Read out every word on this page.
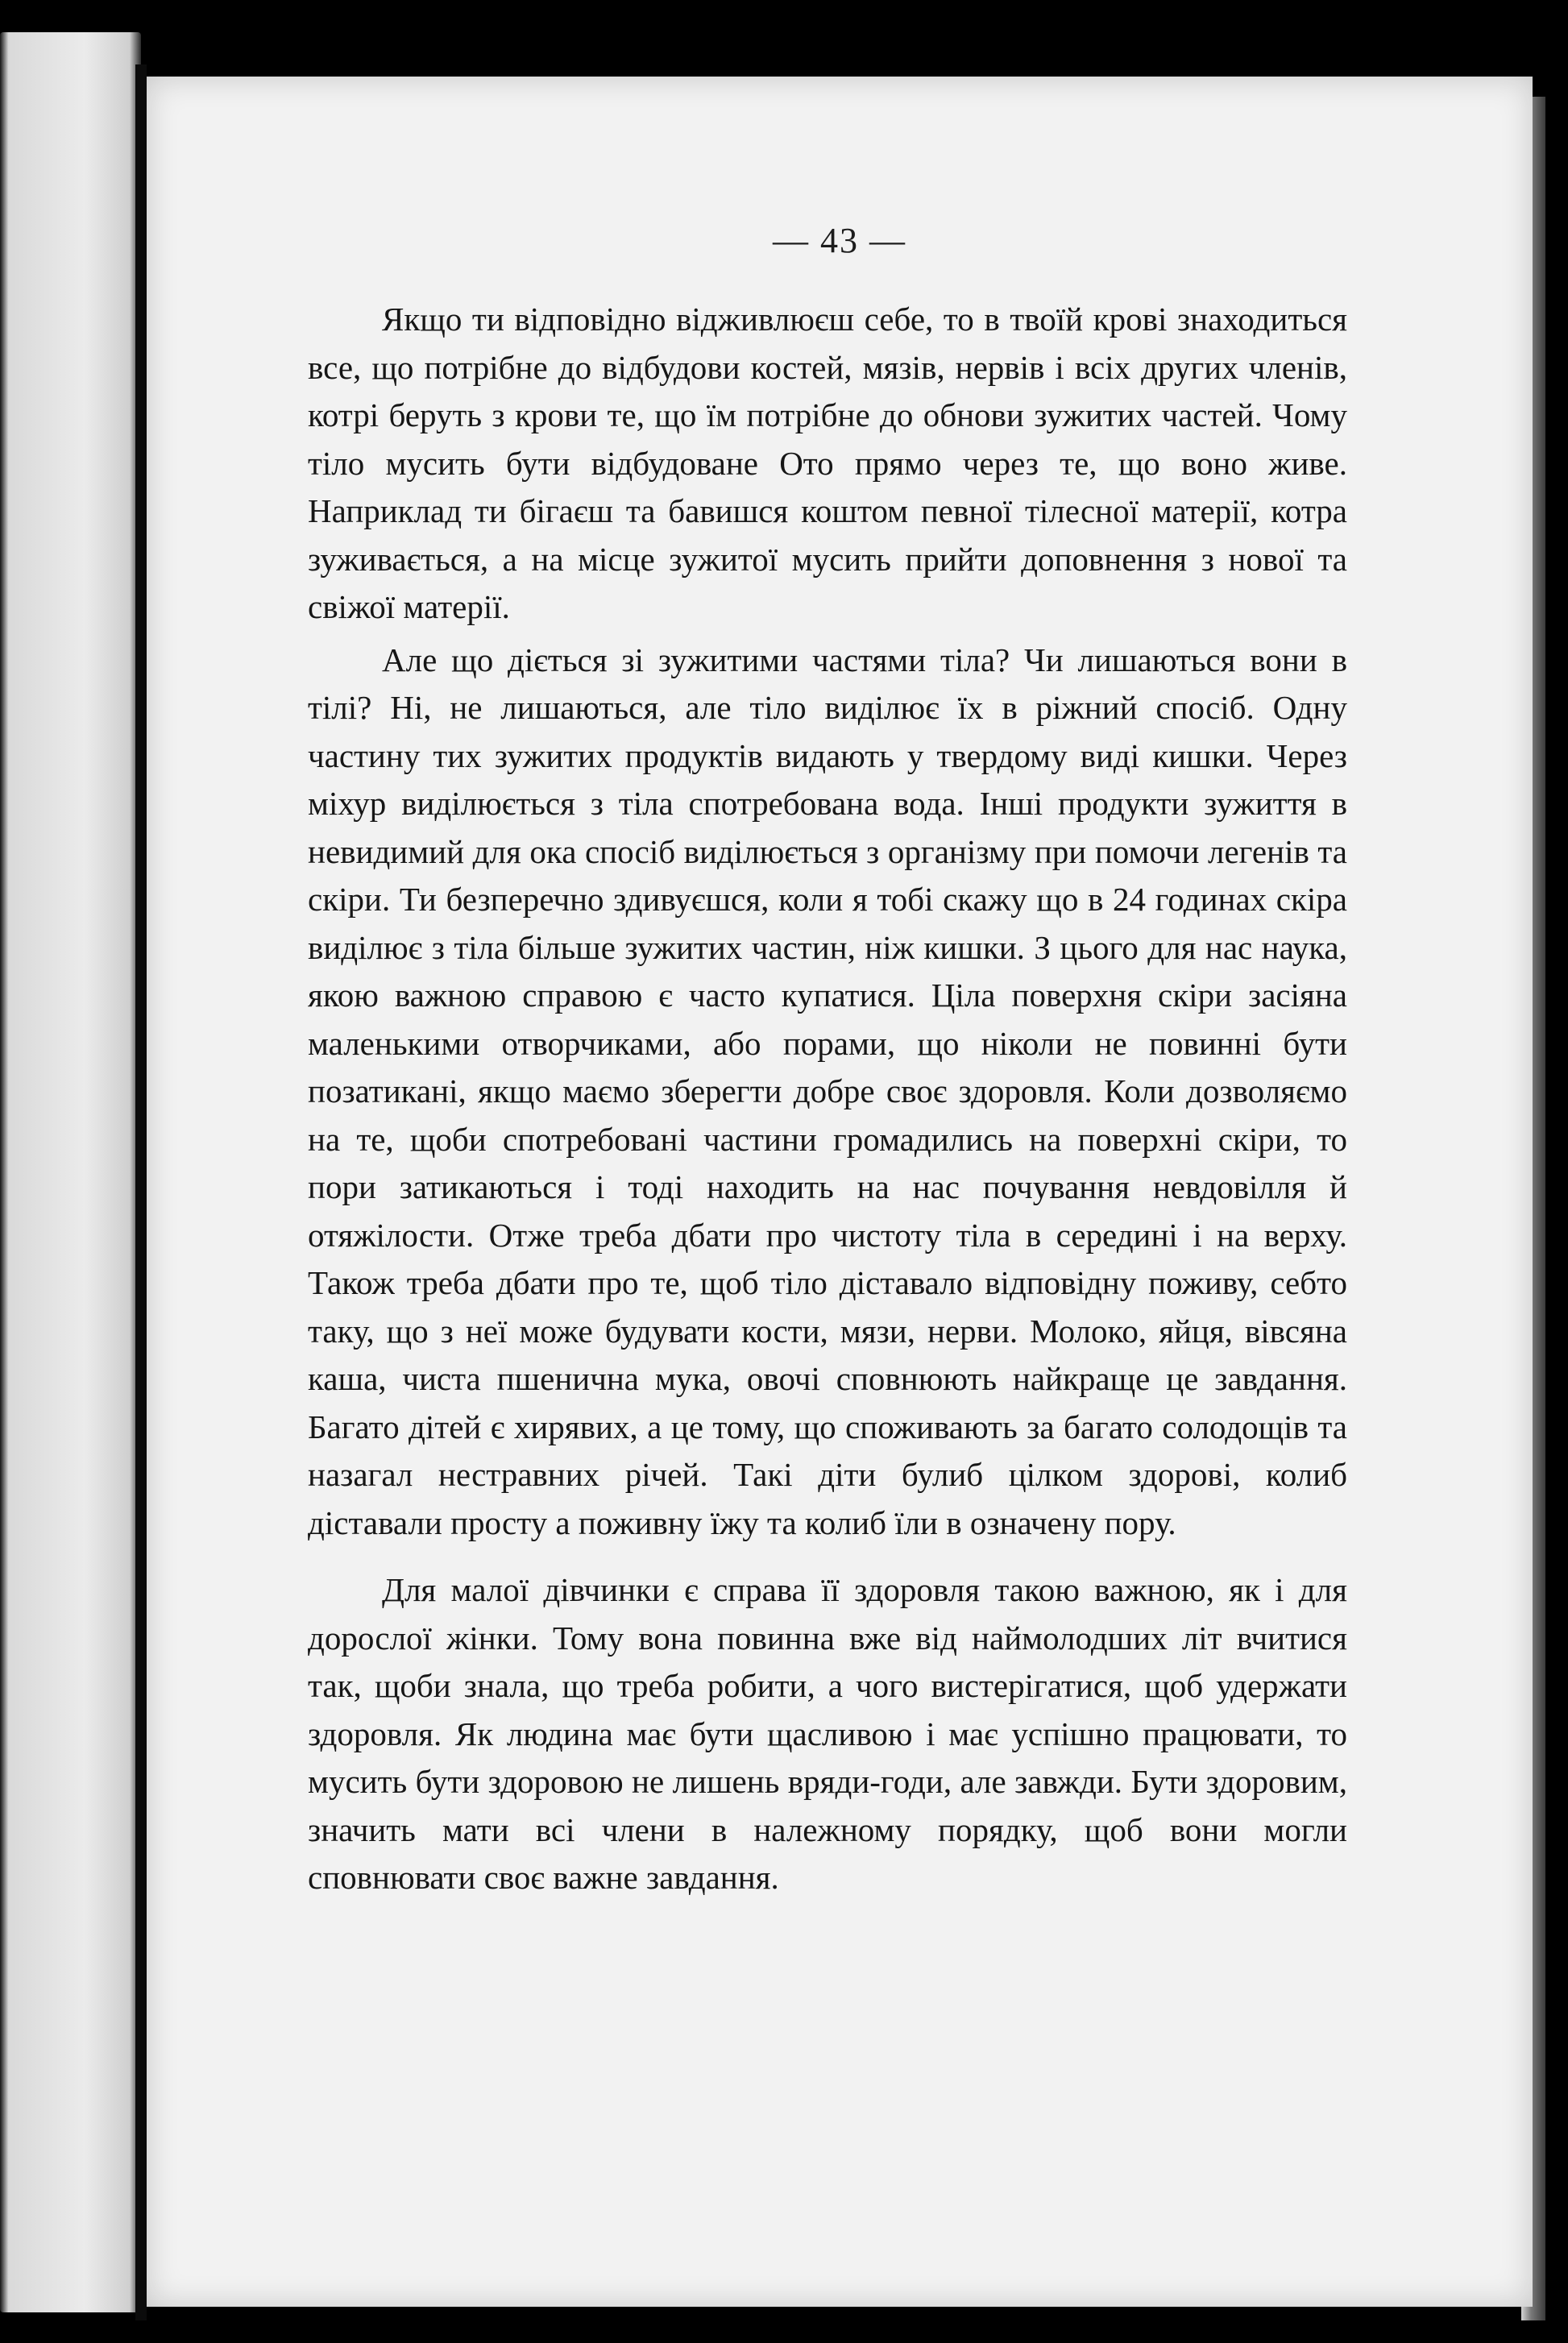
— 43 —

Якщо ти відповідно відживлюєш себе, то в твоїй крові знаходиться все, що потрібне до відбудови костей, мязів, нервів і всіх других членів, котрі беруть з крови те, що їм потрібне до обнови зужитих частей. Чому тіло мусить бути відбудоване Ото прямо через те, що воно живе. Наприклад ти бігаєш та бавишся коштом певної тілесної матерії, котра зуживається, а на місце зужитої мусить прийти доповнення з нової та свіжої матерії.

Але що діється зі зужитими частями тіла? Чи лишаються вони в тілі? Ні, не лишаються, але тіло виділює їх в ріжний спосіб. Одну частину тих зужитих продуктів видають у твердому виді кишки. Через міхур виділюється з тіла спотребована вода. Інші продукти зужиття в невидимий для ока спосіб виділюється з організму при помочи легенів та скіри. Ти безперечно здивуєшся, коли я тобі скажу що в 24 годинах скіра виділює з тіла більше зужитих частин, ніж кишки. З цього для нас наука, якою важною справою є часто купатися. Ціла поверхня скіри засіяна маленькими отворчиками, або порами, що ніколи не повинні бути позатикані, якщо маємо зберегти добре своє здоровля. Коли дозволяємо на те, щоби спотребовані частини громадились на поверхні скіри, то пори затикаються і тоді находить на нас почування невдовілля й отяжілости. Отже треба дбати про чистоту тіла в середині і на верху. Також треба дбати про те, щоб тіло діставало відповідну поживу, себто таку, що з неї може будувати кости, мязи, нерви. Молоко, яйця, вівсяна каша, чиста пшенична мука, овочі сповнюють найкраще це завдання. Багато дітей є хирявих, а це тому, що споживають за багато солодощів та назагал нестравних річей. Такі діти булиб цілком здорові, колиб діставали просту а поживну їжу та колиб їли в означену пору.

Для малої дівчинки є справа її здоровля такою важною, як і для дорослої жінки. Тому вона повинна вже від наймолодших літ вчитися так, щоби знала, що треба робити, а чого вистерігатися, щоб удержати здоровля. Як людина має бути щасливою і має успішно працювати, то мусить бути здоровою не лишень вряди-годи, але завжди. Бути здоровим, значить мати всі члени в належному порядку, щоб вони могли сповнювати своє важне завдання.
